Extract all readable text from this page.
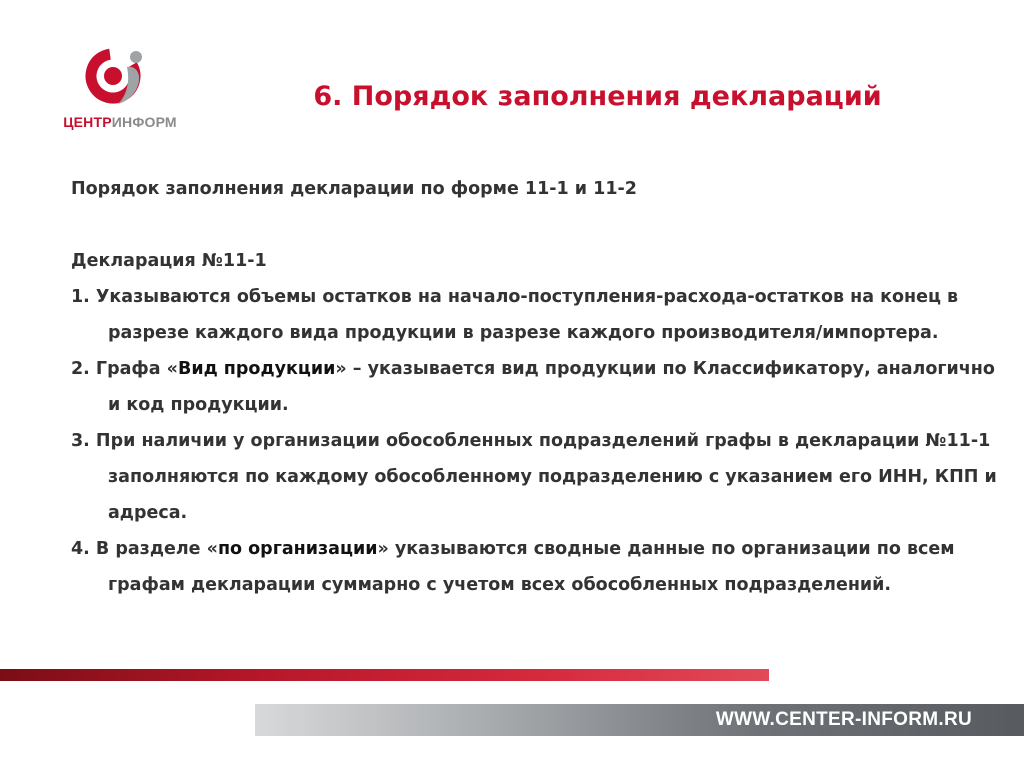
ЦЕНТРИНФОРМ
6. Порядок заполнения деклараций

Порядок заполнения декларации по форме 11-1 и 11-2

Декларация №11-1

1. Указываются объемы остатков на начало-поступления-расхода-остатков на конец в разрезе каждого вида продукции в разрезе каждого производителя/импортера.

2. Графа «Вид продукции» – указывается вид продукции по Классификатору, аналогично и код продукции.

3. При наличии у организации обособленных подразделений графы в декларации №11-1 заполняются по каждому обособленному подразделению с указанием его ИНН, КПП и адреса.

4. В разделе «по организации» указываются сводные данные по организации по всем графам декларации суммарно с учетом всех обособленных подразделений.

WWW.CENTER-INFORM.RU
